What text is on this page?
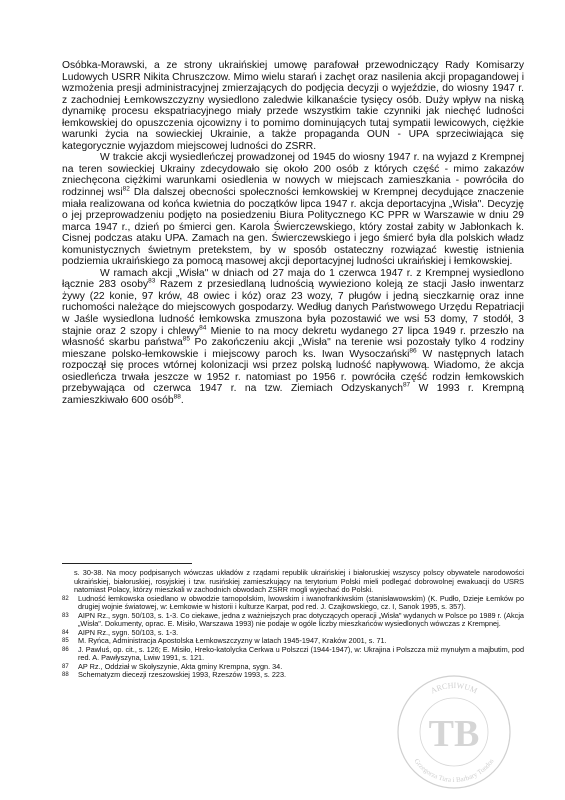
Osóbka-Morawski, a ze strony ukraińskiej umowę parafował przewodniczący Rady Komisarzy Ludowych USRR Nikita Chruszczow. Mimo wielu starań i zachęt oraz nasilenia akcji propagandowej i wzmożenia presji administracyjnej zmierzających do podjęcia decyzji o wyjeździe, do wiosny 1947 r. z zachodniej Łemkowszczyzny wysiedlono zaledwie kilkanaście tysięcy osób. Duży wpływ na niską dynamikę procesu ekspatriacyjnego miały przede wszystkim takie czynniki jak niechęć ludności łemkowskiej do opuszczenia ojcowizny i to pomimo dominujących tutaj sympatii lewicowych, ciężkie warunki życia na sowieckiej Ukrainie, a także propaganda OUN - UPA sprzeciwiająca się kategorycznie wyjazdom miejscowej ludności do ZSRR.

W trakcie akcji wysiedleńczej prowadzonej od 1945 do wiosny 1947 r. na wyjazd z Krempnej na teren sowieckiej Ukrainy zdecydowało się około 200 osób z których część - mimo zakazów zniechęcona ciężkimi warunkami osiedlenia w nowych w miejscach zamieszkania - powróciła do rodzinnej wsi$^{82}$ Dla dalszej obecności społeczności łemkowskiej w Krempnej decydujące znaczenie miała realizowana od końca kwietnia do początków lipca 1947 r. akcja deportacyjna „Wisła". Decyzję o jej przeprowadzeniu podjęto na posiedzeniu Biura Politycznego KC PPR w Warszawie w dniu 29 marca 1947 r., dzień po śmierci gen. Karola Świerczewskiego, który został zabity w Jabłonkach k. Cisnej podczas ataku UPA. Zamach na gen. Świerczewskiego i jego śmierć była dla polskich władz komunistycznych świetnym pretekstem, by w sposób ostateczny rozwiązać kwestię istnienia podziemia ukraińskiego za pomocą masowej akcji deportacyjnej ludności ukraińskiej i łemkowskiej.

W ramach akcji „Wisła" w dniach od 27 maja do 1 czerwca 1947 r. z Krempnej wysiedlono łącznie 283 osoby$^{83}$ Razem z przesiedlaną ludnością wywieziono koleją ze stacji Jasło inwentarz żywy (22 konie, 97 krów, 48 owiec i kóz) oraz 23 wozy, 7 pługów i jedną sieczkarnię oraz inne ruchomości należące do miejscowych gospodarzy. Według danych Państwowego Urzędu Repatriacji w Jaśle wysiedlona ludność łemkowska zmuszona była pozostawić we wsi 53 domy, 7 stodół, 3 stajnie oraz 2 szopy i chlewy$^{84}$ Mienie to na mocy dekretu wydanego 27 lipca 1949 r. przeszło na własność skarbu państwa$^{85}$ Po zakończeniu akcji „Wisła" na terenie wsi pozostały tylko 4 rodziny mieszane polsko-łemkowskie i miejscowy paroch ks. Iwan Wysoczański$^{86}$ W następnych latach rozpoczął się proces wtórnej kolonizacji wsi przez polską ludność napływową. Wiadomo, że akcja osiedleńcza trwała jeszcze w 1952 r. natomiast po 1956 r. powróciła część rodzin łemkowskich przebywająca od czerwca 1947 r. na tzw. Ziemiach Odzyskanych$^{87}$ W 1993 r. Krempną zamieszkiwało 600 osób$^{88}$.

s. 30-38. Na mocy podpisanych wówczas układów z rządami republik ukraińskiej i białoruskiej wszyscy polscy obywatele narodowości ukraińskiej, białoruskiej, rosyjskiej i tzw. rusińskiej zamieszkujący na terytorium Polski mieli podlegać dobrowolnej ewakuacji do USRS natomiast Polacy, którzy mieszkali w zachodnich obwodach ZSRR mogli wyjechać do Polski.
82	Ludność łemkowska osiedlano w obwodzie tarnopolskim, lwowskim i iwanofrankiwskim (stanisławowskim) (K. Pudło, Dzieje Łemków po drugiej wojnie światowej, w: Łemkowie w historii i kulturze Karpat, pod red. J. Czajkowskiego, cz. I, Sanok 1995, s. 357).
83	AIPN Rz., sygn. 50/103, s. 1-3. Co ciekawe, jedna z ważniejszych prac dotyczących operacji „Wisła" wydanych w Polsce po 1989 r. (Akcja „Wisła". Dokumenty, oprac. E. Misiło, Warszawa 1993) nie podaje w ogóle liczby mieszkańców wysiedlonych wówczas z Krempnej.
84	AIPN Rz., sygn. 50/103, s. 1-3.
85	M. Ryńca, Administracja Apostolska Łemkowszczyzny w latach 1945-1947, Kraków 2001, s. 71.
86	J. Pawluś, op. cit., s. 126; E. Misiło, Hreko-katolycka Cerkwa u Polszczi (1944-1947), w: Ukrajina i Polszcza miż mynułym a majbutim, pod red. A. Pawłyszyna, Lwiw 1991, s. 121.
87	AP Rz., Oddział w Skołyszynie, Akta gminy Krempna, sygn. 34.
88	Schematyzm diecezji rzeszowskiej 1993, Rzeszów 1993, s. 223.
ARCHIWUM
Grzegorza Tura i Barbary Tondos
TB
